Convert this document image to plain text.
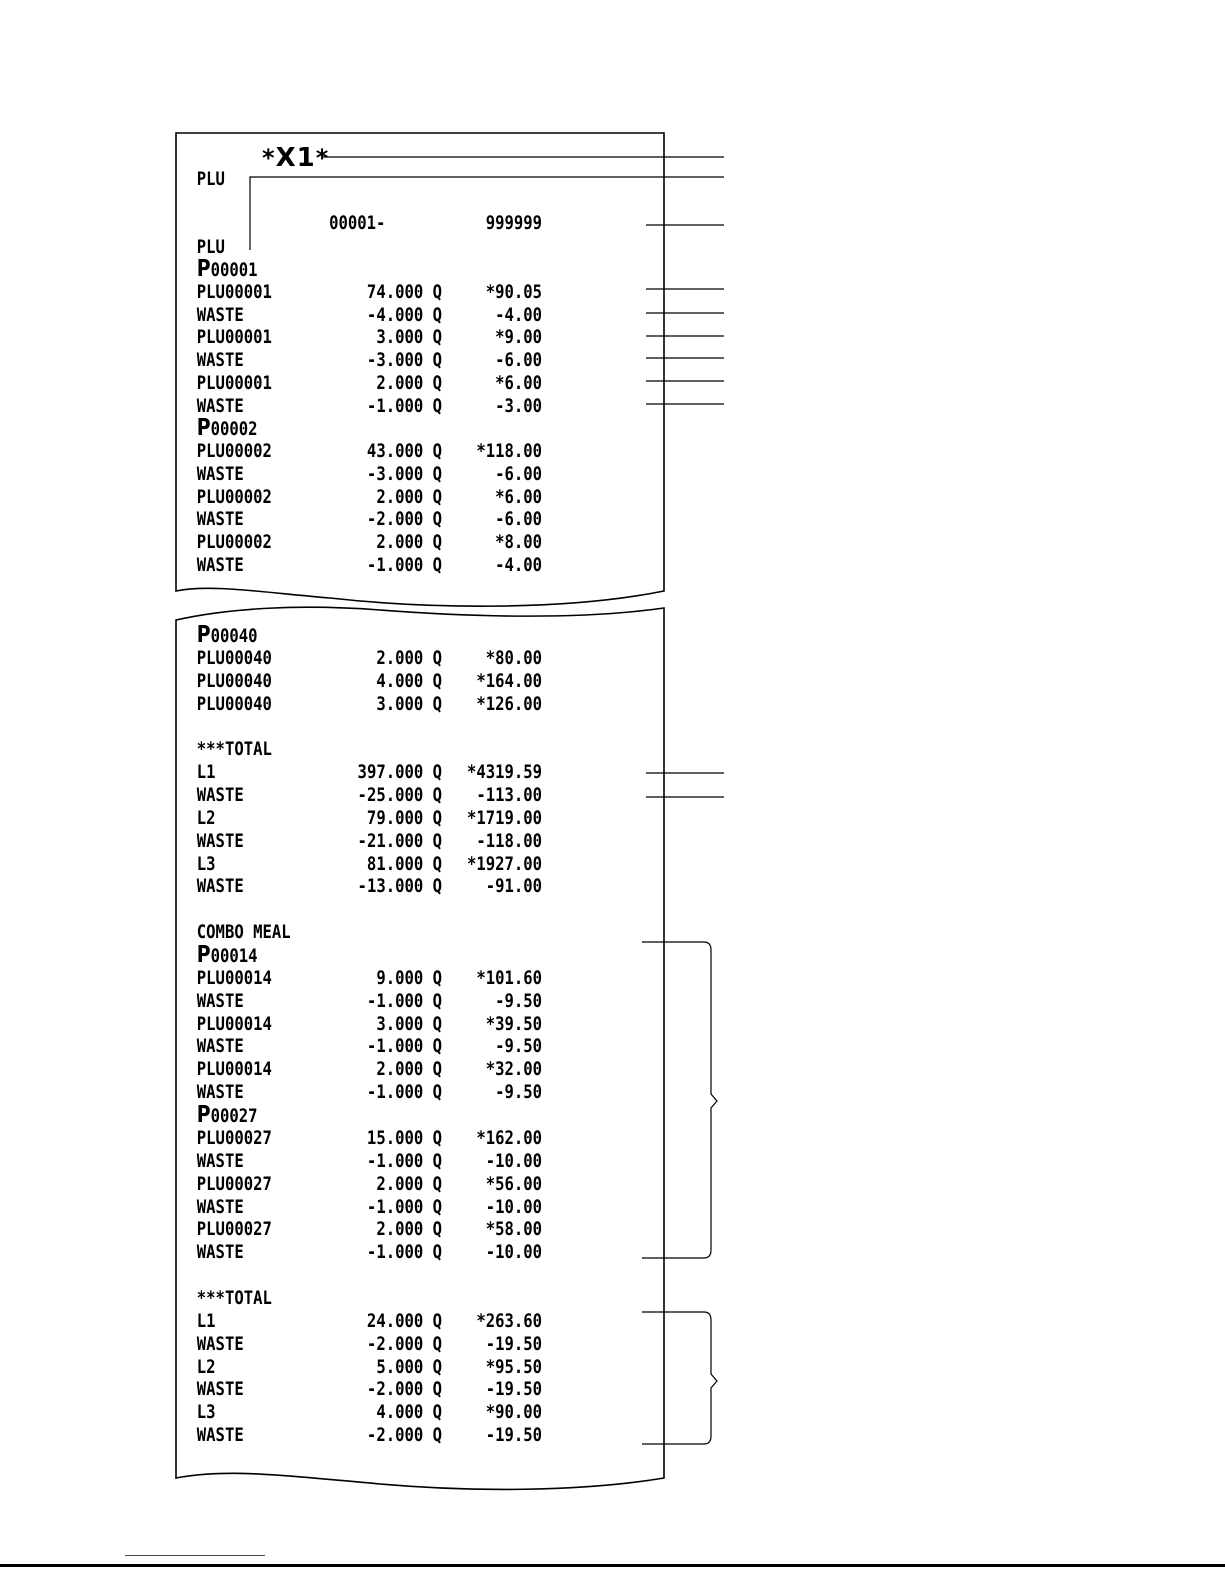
*X1*
PLU
00001-	999999
PLU
P00001
PLU00001	74.000 Q *90.05
WASTE	-4.000 Q	-4.00
PLU00001	3.000 Q	*9.00
WASTE	-3.000 Q	-6.00
PLU00001	2.000 Q	*6.00
WASTE	-1.000 Q	-3.00
P00002
PLU00002	43.000 Q *118.00
WASTE	-3.000 Q	-6.00
PLU00002	2.000 Q	*6.00
WASTE	-2.000 Q	-6.00
PLU00002	2.000 Q	*8.00
WASTE	-1.000 Q	-4.00
P00040
PLU00040	2.000 Q *80.00
PLU00040	4.000 Q *164.00
PLU00040	3.000 Q *126.00
***TOTAL
L1	397.000 Q *4319.59
WASTE	-25.000 Q -113.00
L2	79.000 Q *1719.00
WASTE	-21.000 Q -118.00
L3	81.000 Q *1927.00
WASTE	-13.000 Q -91.00
COMBO MEAL
P00014
PLU00014	9.000 Q *101.60
WASTE	-1.000 Q	-9.50
PLU00014	3.000 Q *39.50
WASTE	-1.000 Q	-9.50
PLU00014	2.000 Q *32.00
WASTE	-1.000 Q	-9.50
P00027
PLU00027	15.000 Q *162.00
WASTE	-1.000 Q -10.00
PLU00027	2.000 Q *56.00
WASTE	-1.000 Q -10.00
PLU00027	2.000 Q *58.00
WASTE	-1.000 Q -10.00
***TOTAL
L1	24.000 Q *263.60
WASTE	-2.000 Q -19.50
L2	5.000 Q *95.50
WASTE	-2.000 Q -19.50
L3	4.000 Q *90.00
WASTE	-2.000 Q -19.50
